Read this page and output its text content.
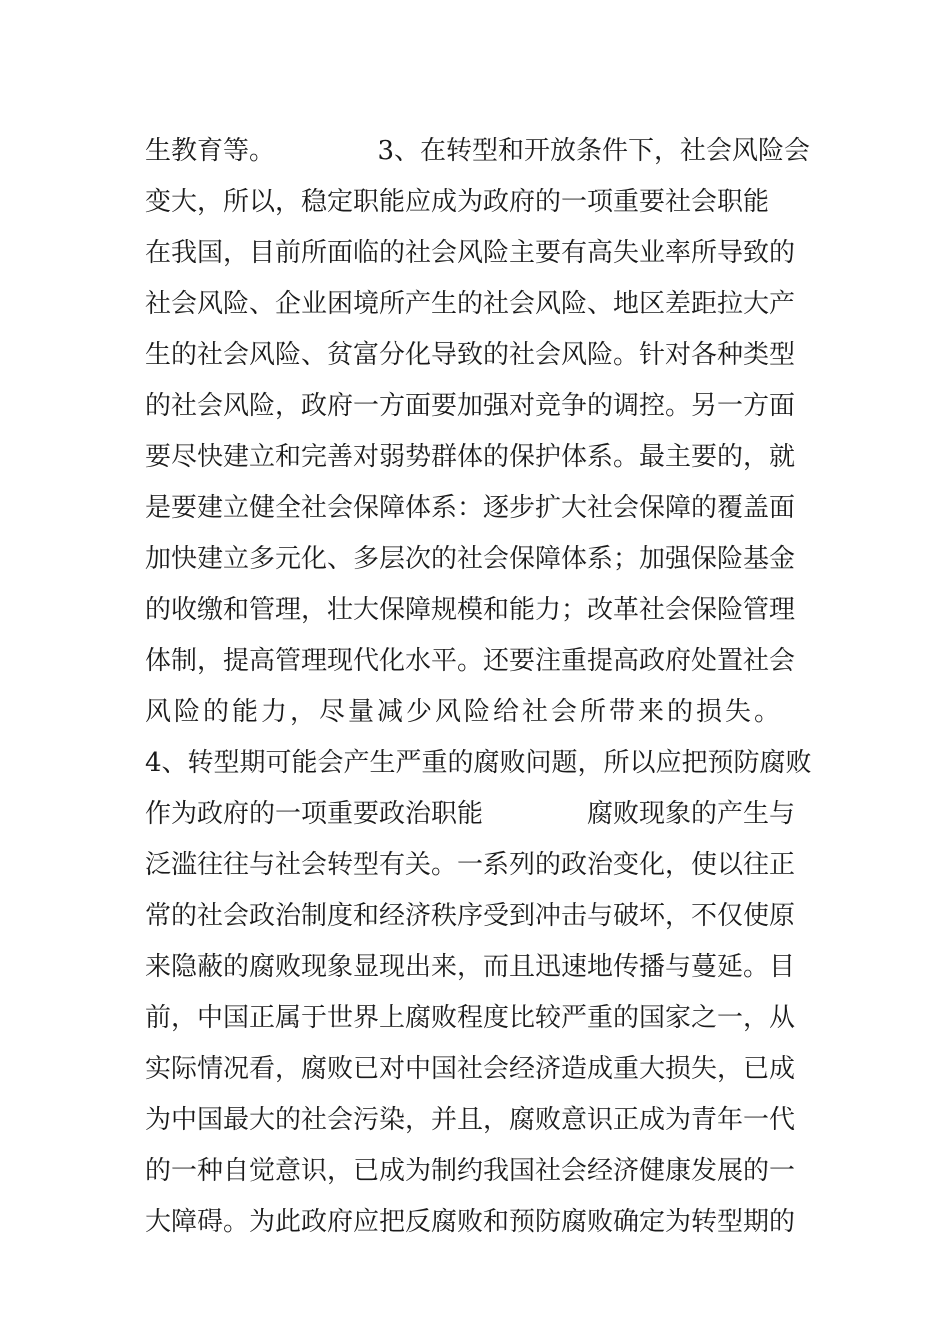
生教育等。	3、在转型和开放条件下，社会风险会
变大，所以，稳定职能应成为政府的一项重要社会职能
在我国，目前所面临的社会风险主要有高失业率所导致的
社会风险、企业困境所产生的社会风险、地区差距拉大产
生的社会风险、贫富分化导致的社会风险。针对各种类型
的社会风险，政府一方面要加强对竞争的调控。另一方面
要尽快建立和完善对弱势群体的保护体系。最主要的，就
是要建立健全社会保障体系：逐步扩大社会保障的覆盖面
加快建立多元化、多层次的社会保障体系；加强保险基金
的收缴和管理，壮大保障规模和能力；改革社会保险管理
体制，提高管理现代化水平。还要注重提高政府处置社会
风险的能力，尽量减少风险给社会所带来的损失。
4、转型期可能会产生严重的腐败问题，所以应把预防腐败
作为政府的一项重要政治职能	腐败现象的产生与
泛滥往往与社会转型有关。一系列的政治变化，使以往正
常的社会政治制度和经济秩序受到冲击与破坏，不仅使原
来隐蔽的腐败现象显现出来，而且迅速地传播与蔓延。目
前，中国正属于世界上腐败程度比较严重的国家之一，从
实际情况看，腐败已对中国社会经济造成重大损失，已成
为中国最大的社会污染，并且，腐败意识正成为青年一代
的一种自觉意识，已成为制约我国社会经济健康发展的一
大障碍。为此政府应把反腐败和预防腐败确定为转型期的
